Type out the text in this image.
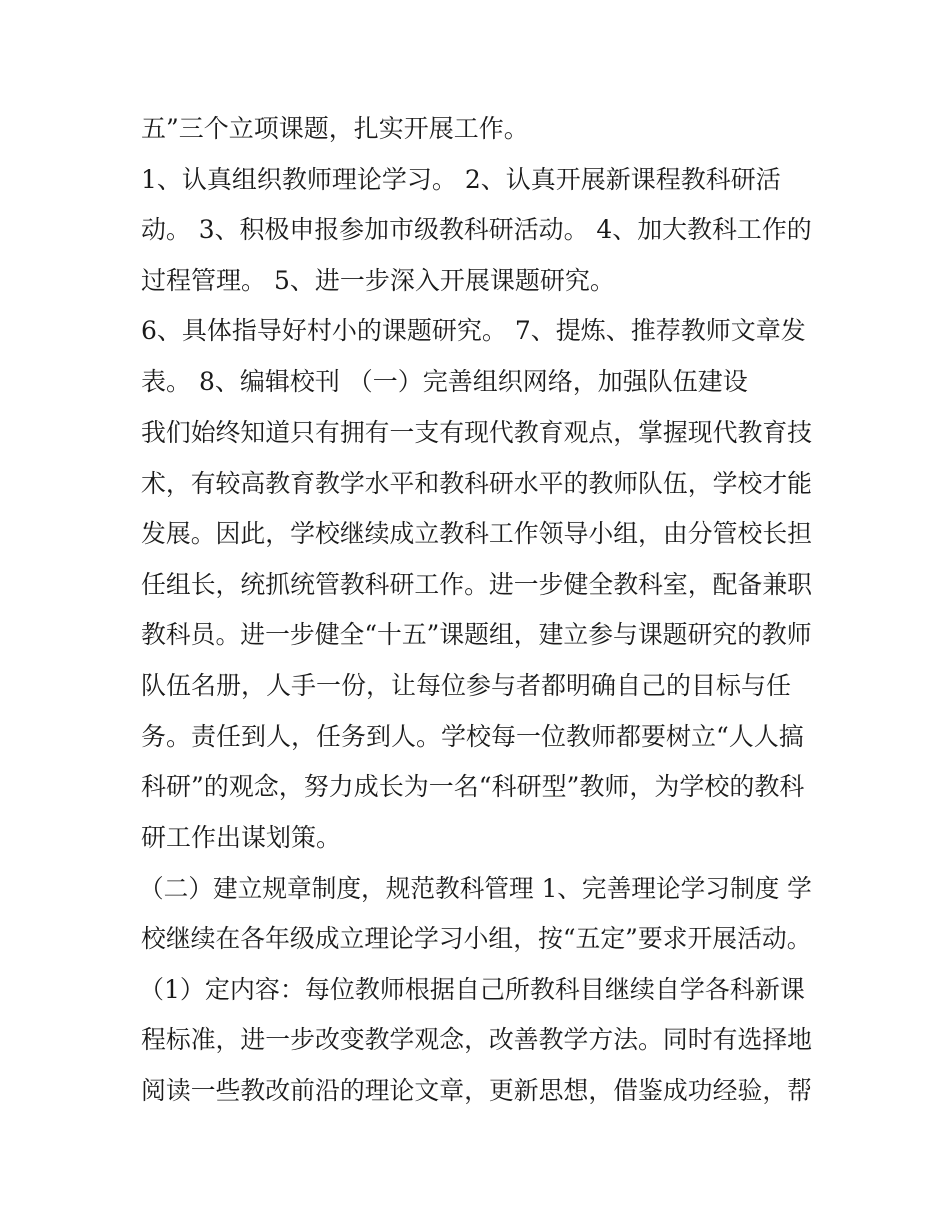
五”三个立项课题，扎实开展工作。
1、认真组织教师理论学习。 2、认真开展新课程教科研活
动。 3、积极申报参加市级教科研活动。 4、加大教科工作的
过程管理。 5、进一步深入开展课题研究。
6、具体指导好村小的课题研究。 7、提炼、推荐教师文章发
表。 8、编辑校刊 （一）完善组织网络，加强队伍建设
我们始终知道只有拥有一支有现代教育观点，掌握现代教育技
术，有较高教育教学水平和教科研水平的教师队伍，学校才能
发展。因此，学校继续成立教科工作领导小组，由分管校长担
任组长，统抓统管教科研工作。进一步健全教科室，配备兼职
教科员。进一步健全“十五”课题组，建立参与课题研究的教师
队伍名册，人手一份，让每位参与者都明确自己的目标与任
务。责任到人，任务到人。学校每一位教师都要树立“人人搞
科研”的观念，努力成长为一名“科研型”教师，为学校的教科
研工作出谋划策。
（二）建立规章制度，规范教科管理 1、完善理论学习制度 学
校继续在各年级成立理论学习小组，按“五定”要求开展活动。
（1）定内容：每位教师根据自己所教科目继续自学各科新课
程标准，进一步改变教学观念，改善教学方法。同时有选择地
阅读一些教改前沿的理论文章，更新思想，借鉴成功经验，帮
